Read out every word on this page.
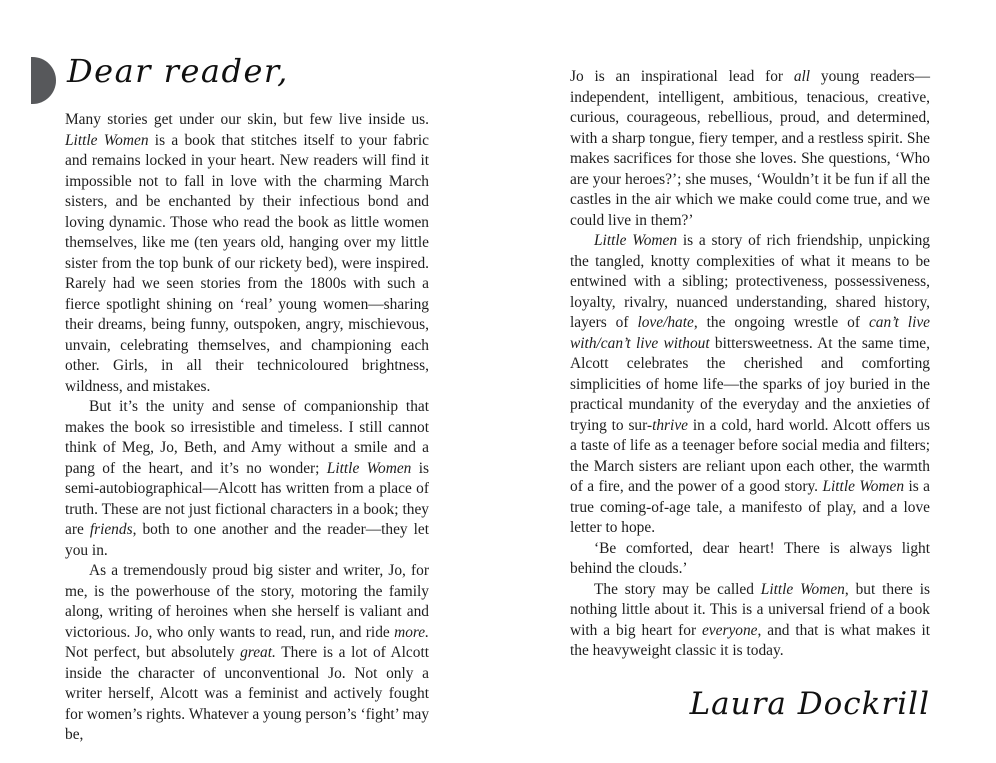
Dear reader,

Many stories get under our skin, but few live inside us. Little Women is a book that stitches itself to your fabric and remains locked in your heart. New readers will find it impossible not to fall in love with the charming March sisters, and be enchanted by their infectious bond and loving dynamic. Those who read the book as little women themselves, like me (ten years old, hanging over my little sister from the top bunk of our rickety bed), were inspired. Rarely had we seen stories from the 1800s with such a fierce spotlight shining on ‘real’ young women—sharing their dreams, being funny, outspoken, angry, mischievous, unvain, celebrating themselves, and championing each other. Girls, in all their technicoloured brightness, wildness, and mistakes.

But it’s the unity and sense of companionship that makes the book so irresistible and timeless. I still cannot think of Meg, Jo, Beth, and Amy without a smile and a pang of the heart, and it’s no wonder; Little Women is semi-autobiographical—Alcott has written from a place of truth. These are not just fictional characters in a book; they are friends, both to one another and the reader—they let you in.

As a tremendously proud big sister and writer, Jo, for me, is the powerhouse of the story, motoring the family along, writing of heroines when she herself is valiant and victorious. Jo, who only wants to read, run, and ride more. Not perfect, but absolutely great. There is a lot of Alcott inside the character of unconventional Jo. Not only a writer herself, Alcott was a feminist and actively fought for women’s rights. Whatever a young person’s ‘fight’ may be,

Jo is an inspirational lead for all young readers—independent, intelligent, ambitious, tenacious, creative, curious, courageous, rebellious, proud, and determined, with a sharp tongue, fiery temper, and a restless spirit. She makes sacrifices for those she loves. She questions, ‘Who are your heroes?’; she muses, ‘Wouldn’t it be fun if all the castles in the air which we make could come true, and we could live in them?’

Little Women is a story of rich friendship, unpicking the tangled, knotty complexities of what it means to be entwined with a sibling; protectiveness, possessiveness, loyalty, rivalry, nuanced understanding, shared history, layers of love/hate, the ongoing wrestle of can’t live with/can’t live without bittersweetness. At the same time, Alcott celebrates the cherished and comforting simplicities of home life—the sparks of joy buried in the practical mundanity of the everyday and the anxieties of trying to sur-thrive in a cold, hard world. Alcott offers us a taste of life as a teenager before social media and filters; the March sisters are reliant upon each other, the warmth of a fire, and the power of a good story. Little Women is a true coming-of-age tale, a manifesto of play, and a love letter to hope.

‘Be comforted, dear heart! There is always light behind the clouds.’

The story may be called Little Women, but there is nothing little about it. This is a universal friend of a book with a big heart for everyone, and that is what makes it the heavyweight classic it is today.

Laura Dockrill
